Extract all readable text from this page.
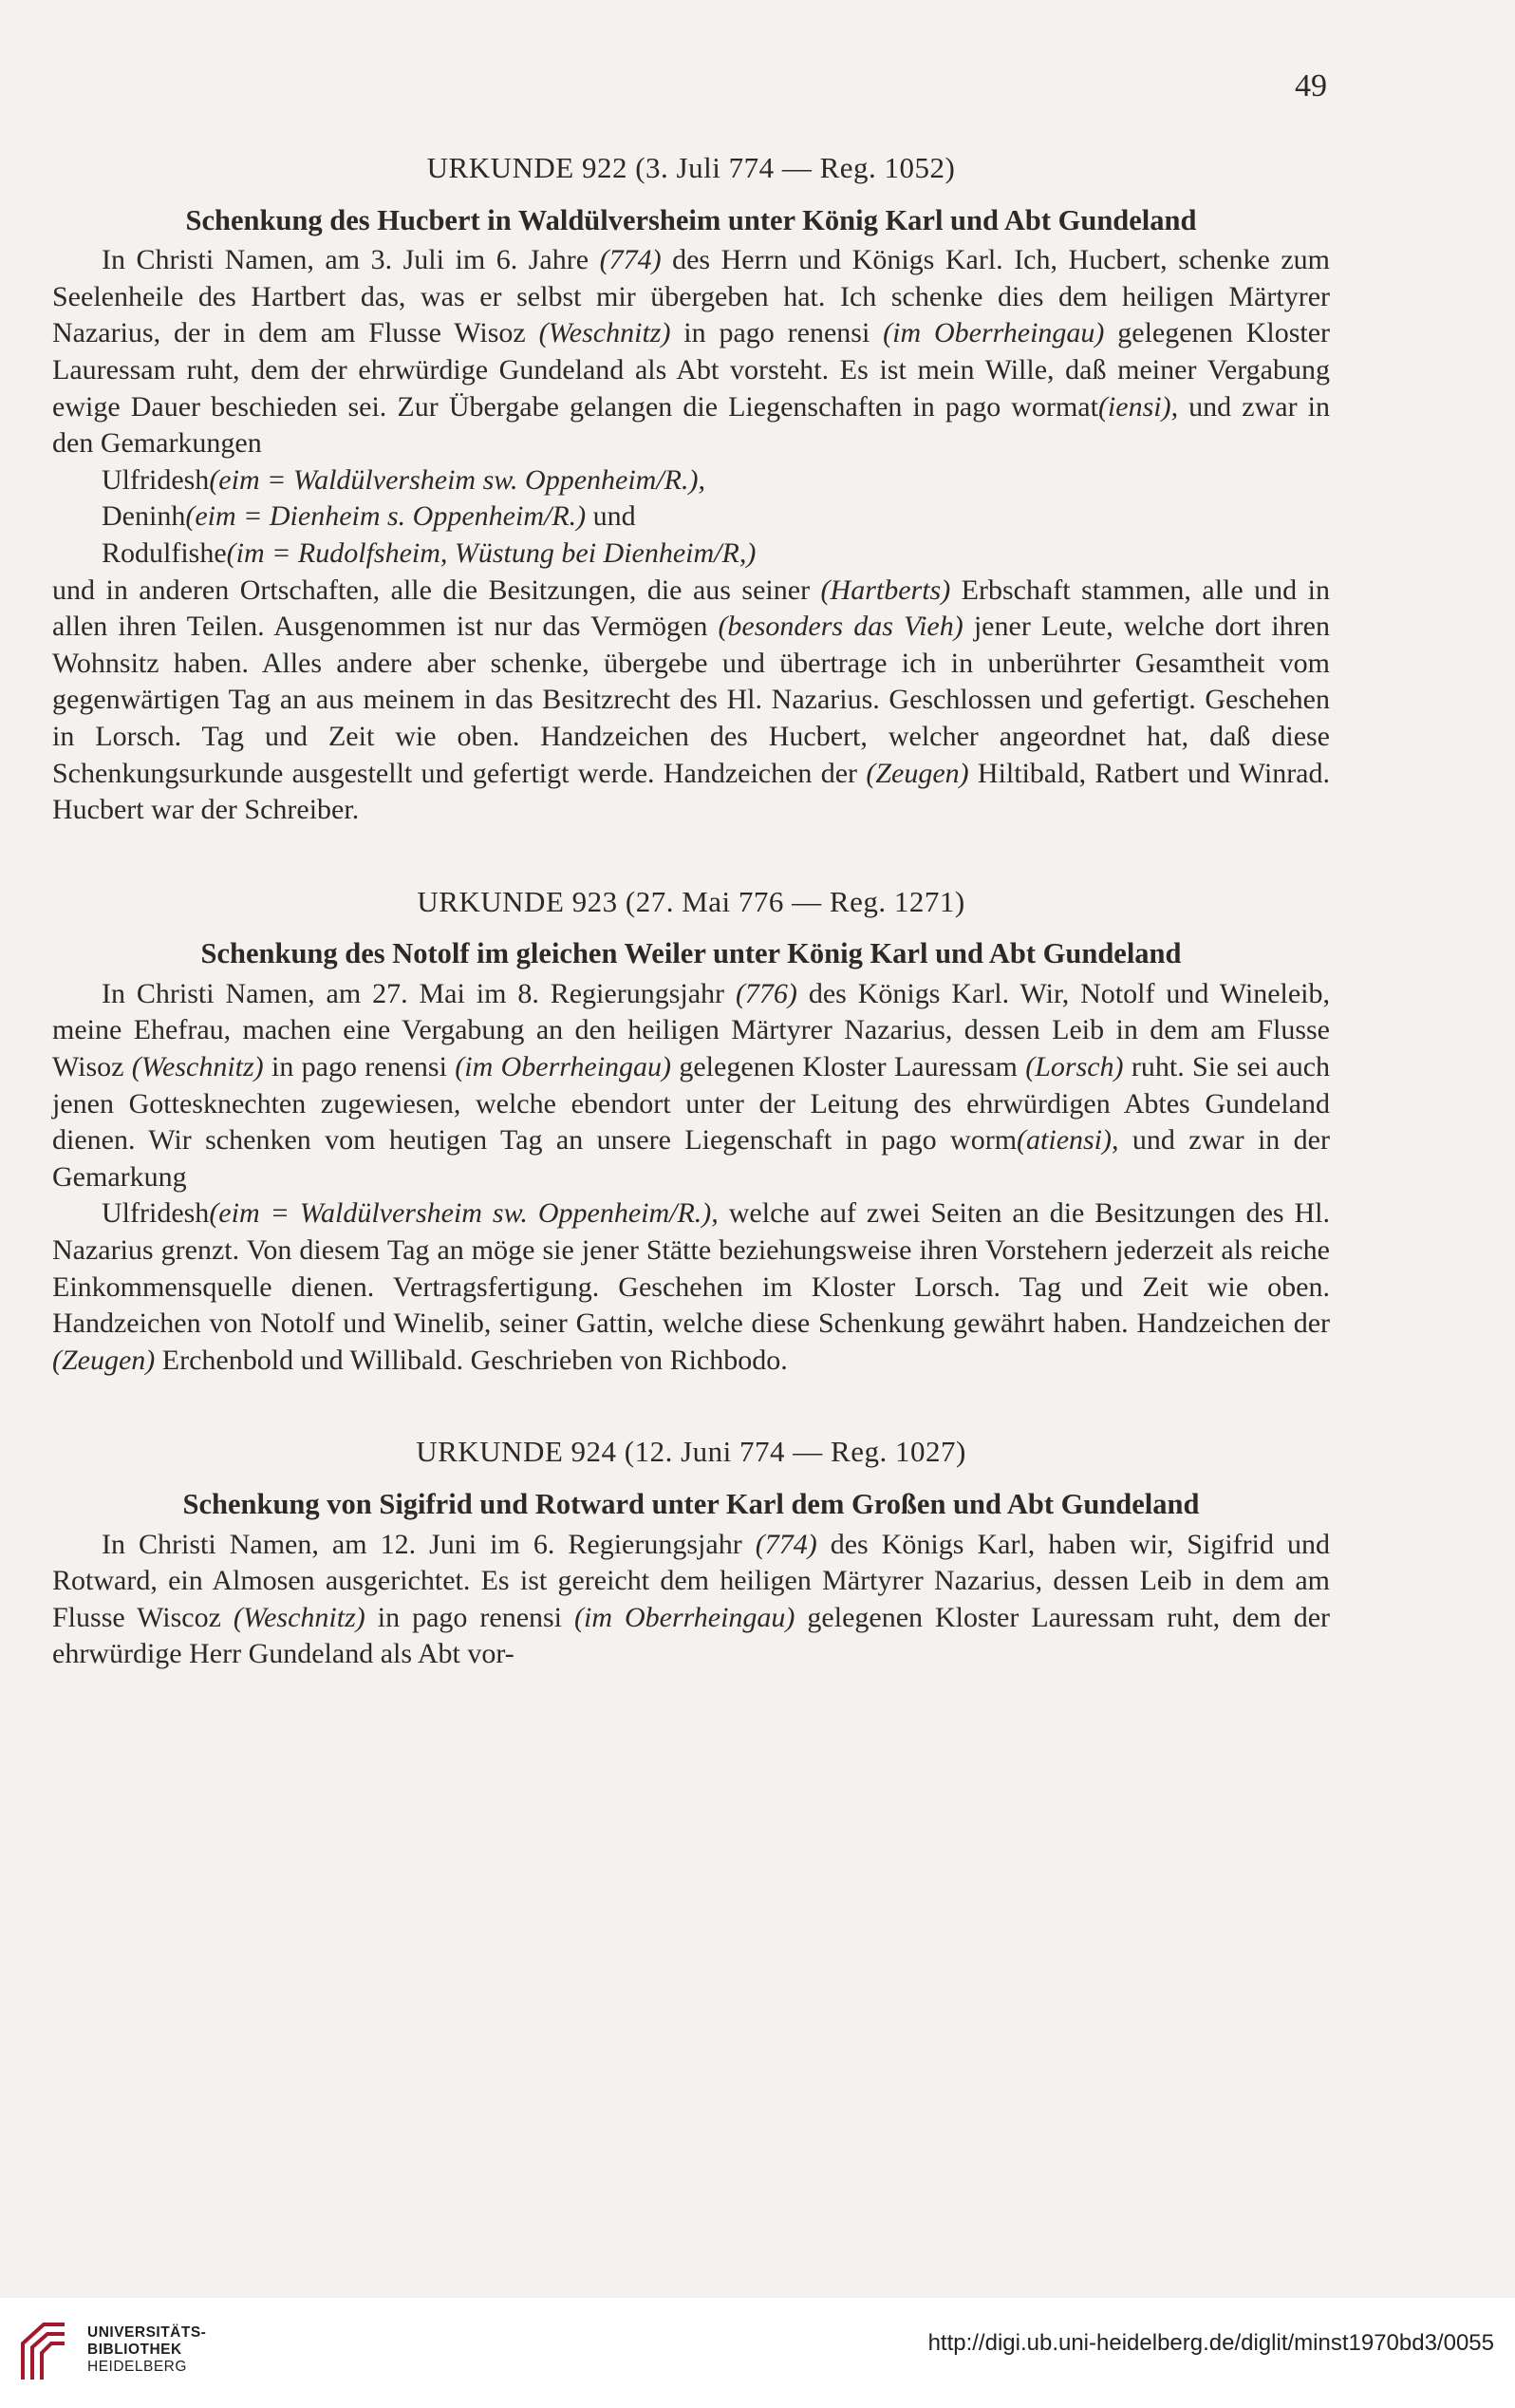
49

URKUNDE 922 (3. Juli 774 — Reg. 1052)

Schenkung des Hucbert in Waldülversheim unter König Karl und Abt Gundeland

In Christi Namen, am 3. Juli im 6. Jahre (774) des Herrn und Königs Karl. Ich, Hucbert, schenke zum Seelenheile des Hartbert das, was er selbst mir übergeben hat. Ich schenke dies dem heiligen Märtyrer Nazarius, der in dem am Flusse Wisoz (Weschnitz) in pago renensi (im Oberrheingau) gelegenen Kloster Lauressam ruht, dem der ehrwürdige Gundeland als Abt vorsteht. Es ist mein Wille, daß meiner Vergabung ewige Dauer beschieden sei. Zur Übergabe gelangen die Liegenschaften in pago wormat(iensi), und zwar in den Gemarkungen

Ulfridesh(eim = Waldülversheim sw. Oppenheim/R.),
Deninh(eim = Dienheim s. Oppenheim/R.) und
Rodulfishe(im = Rudolfsheim, Wüstung bei Dienheim/R,)

und in anderen Ortschaften, alle die Besitzungen, die aus seiner (Hartberts) Erbschaft stammen, alle und in allen ihren Teilen. Ausgenommen ist nur das Vermögen (besonders das Vieh) jener Leute, welche dort ihren Wohnsitz haben. Alles andere aber schenke, übergebe und übertrage ich in unberührter Gesamtheit vom gegenwärtigen Tag an aus meinem in das Besitzrecht des Hl. Nazarius. Geschlossen und gefertigt. Geschehen in Lorsch. Tag und Zeit wie oben. Handzeichen des Hucbert, welcher angeordnet hat, daß diese Schenkungsurkunde ausgestellt und gefertigt werde. Handzeichen der (Zeugen) Hiltibald, Ratbert und Winrad. Hucbert war der Schreiber.

URKUNDE 923 (27. Mai 776 — Reg. 1271)

Schenkung des Notolf im gleichen Weiler unter König Karl und Abt Gundeland

In Christi Namen, am 27. Mai im 8. Regierungsjahr (776) des Königs Karl. Wir, Notolf und Wineleib, meine Ehefrau, machen eine Vergabung an den heiligen Märtyrer Nazarius, dessen Leib in dem am Flusse Wisoz (Weschnitz) in pago renensi (im Oberrheingau) gelegenen Kloster Lauressam (Lorsch) ruht. Sie sei auch jenen Gottesknechten zugewiesen, welche ebendort unter der Leitung des ehrwürdigen Abtes Gundeland dienen. Wir schenken vom heutigen Tag an unsere Liegenschaft in pago worm(atiensi), und zwar in der Gemarkung

Ulfridesh(eim = Waldülversheim sw. Oppenheim/R.), welche auf zwei Seiten an die Besitzungen des Hl. Nazarius grenzt. Von diesem Tag an möge sie jener Stätte beziehungsweise ihren Vorstehern jederzeit als reiche Einkommensquelle dienen. Vertragsfertigung. Geschehen im Kloster Lorsch. Tag und Zeit wie oben. Handzeichen von Notolf und Winelib, seiner Gattin, welche diese Schenkung gewährt haben. Handzeichen der (Zeugen) Erchenbold und Willibald. Geschrieben von Richbodo.

URKUNDE 924 (12. Juni 774 — Reg. 1027)

Schenkung von Sigifrid und Rotward unter Karl dem Großen und Abt Gundeland

In Christi Namen, am 12. Juni im 6. Regierungsjahr (774) des Königs Karl, haben wir, Sigifrid und Rotward, ein Almosen ausgerichtet. Es ist gereicht dem heiligen Märtyrer Nazarius, dessen Leib in dem am Flusse Wiscoz (Weschnitz) in pago renensi (im Oberrheingau) gelegenen Kloster Lauressam ruht, dem der ehrwürdige Herr Gundeland als Abt vor-

UNIVERSITÄTS-
BIBLIOTHEK
HEIDELBERG
http://digi.ub.uni-heidelberg.de/diglit/minst1970bd3/0055
